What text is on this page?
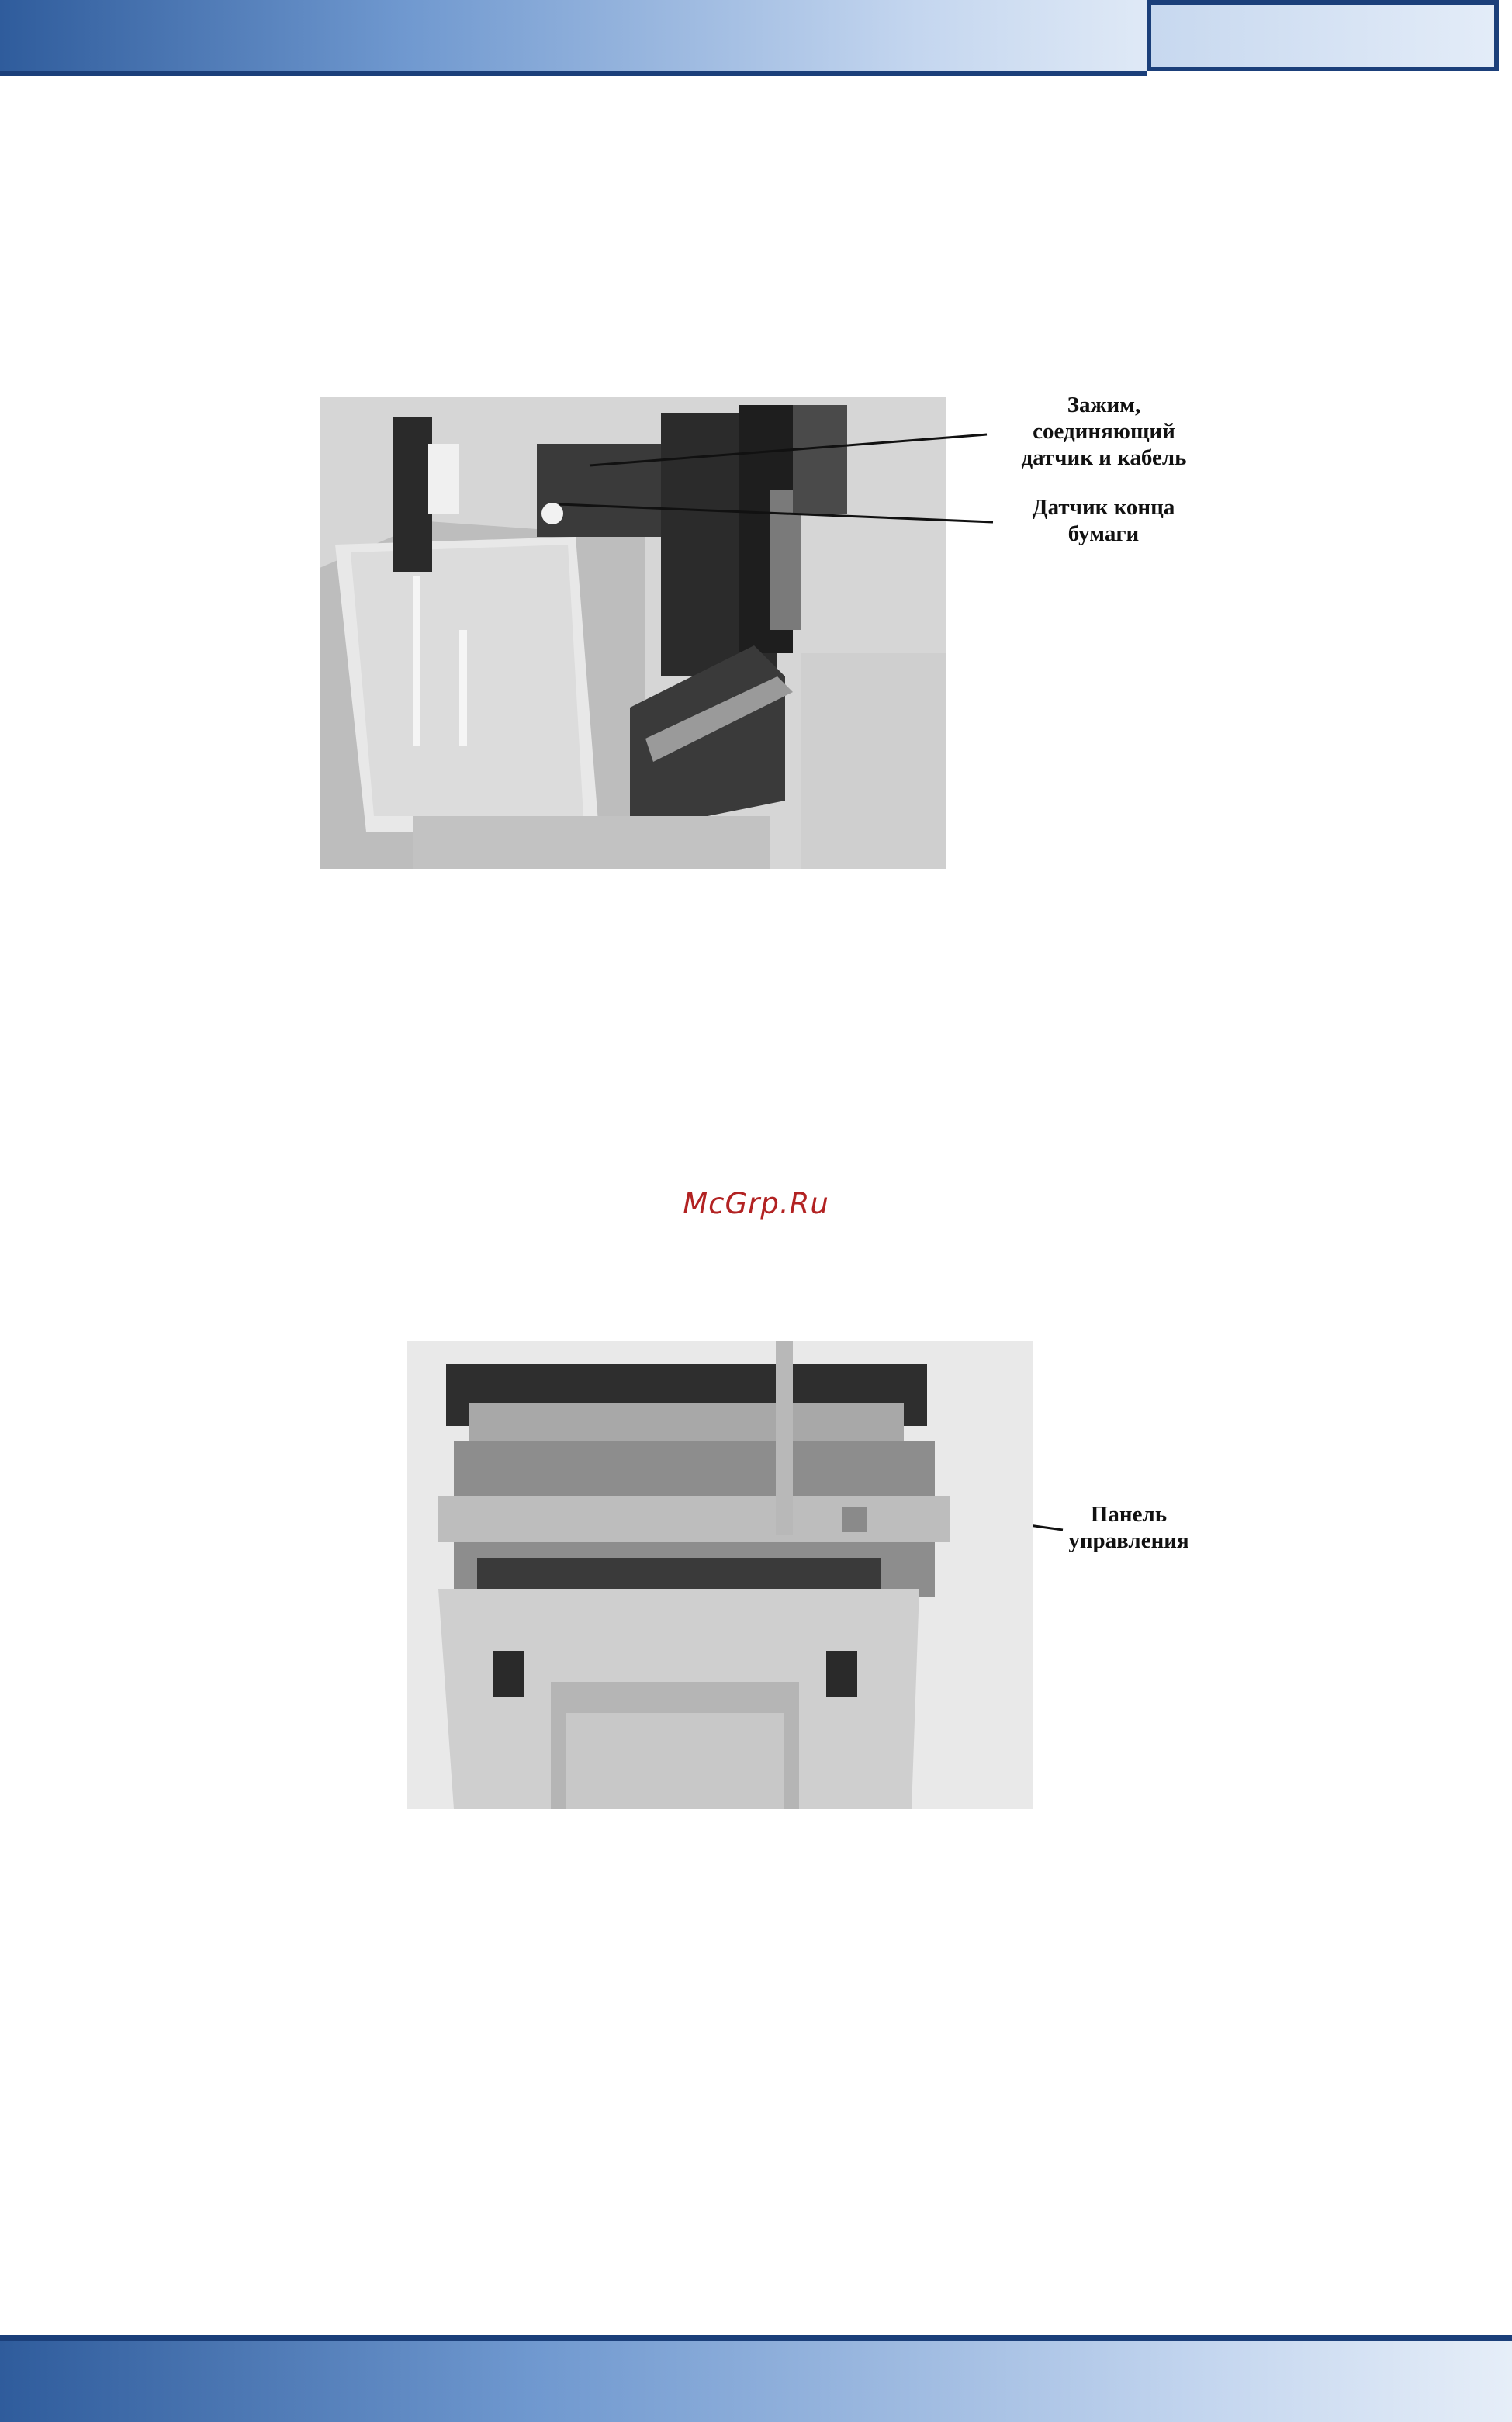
Зажим,
соединяющий
датчик и кабель
Датчик конца
бумаги
McGrp.Ru
Панель
управления
